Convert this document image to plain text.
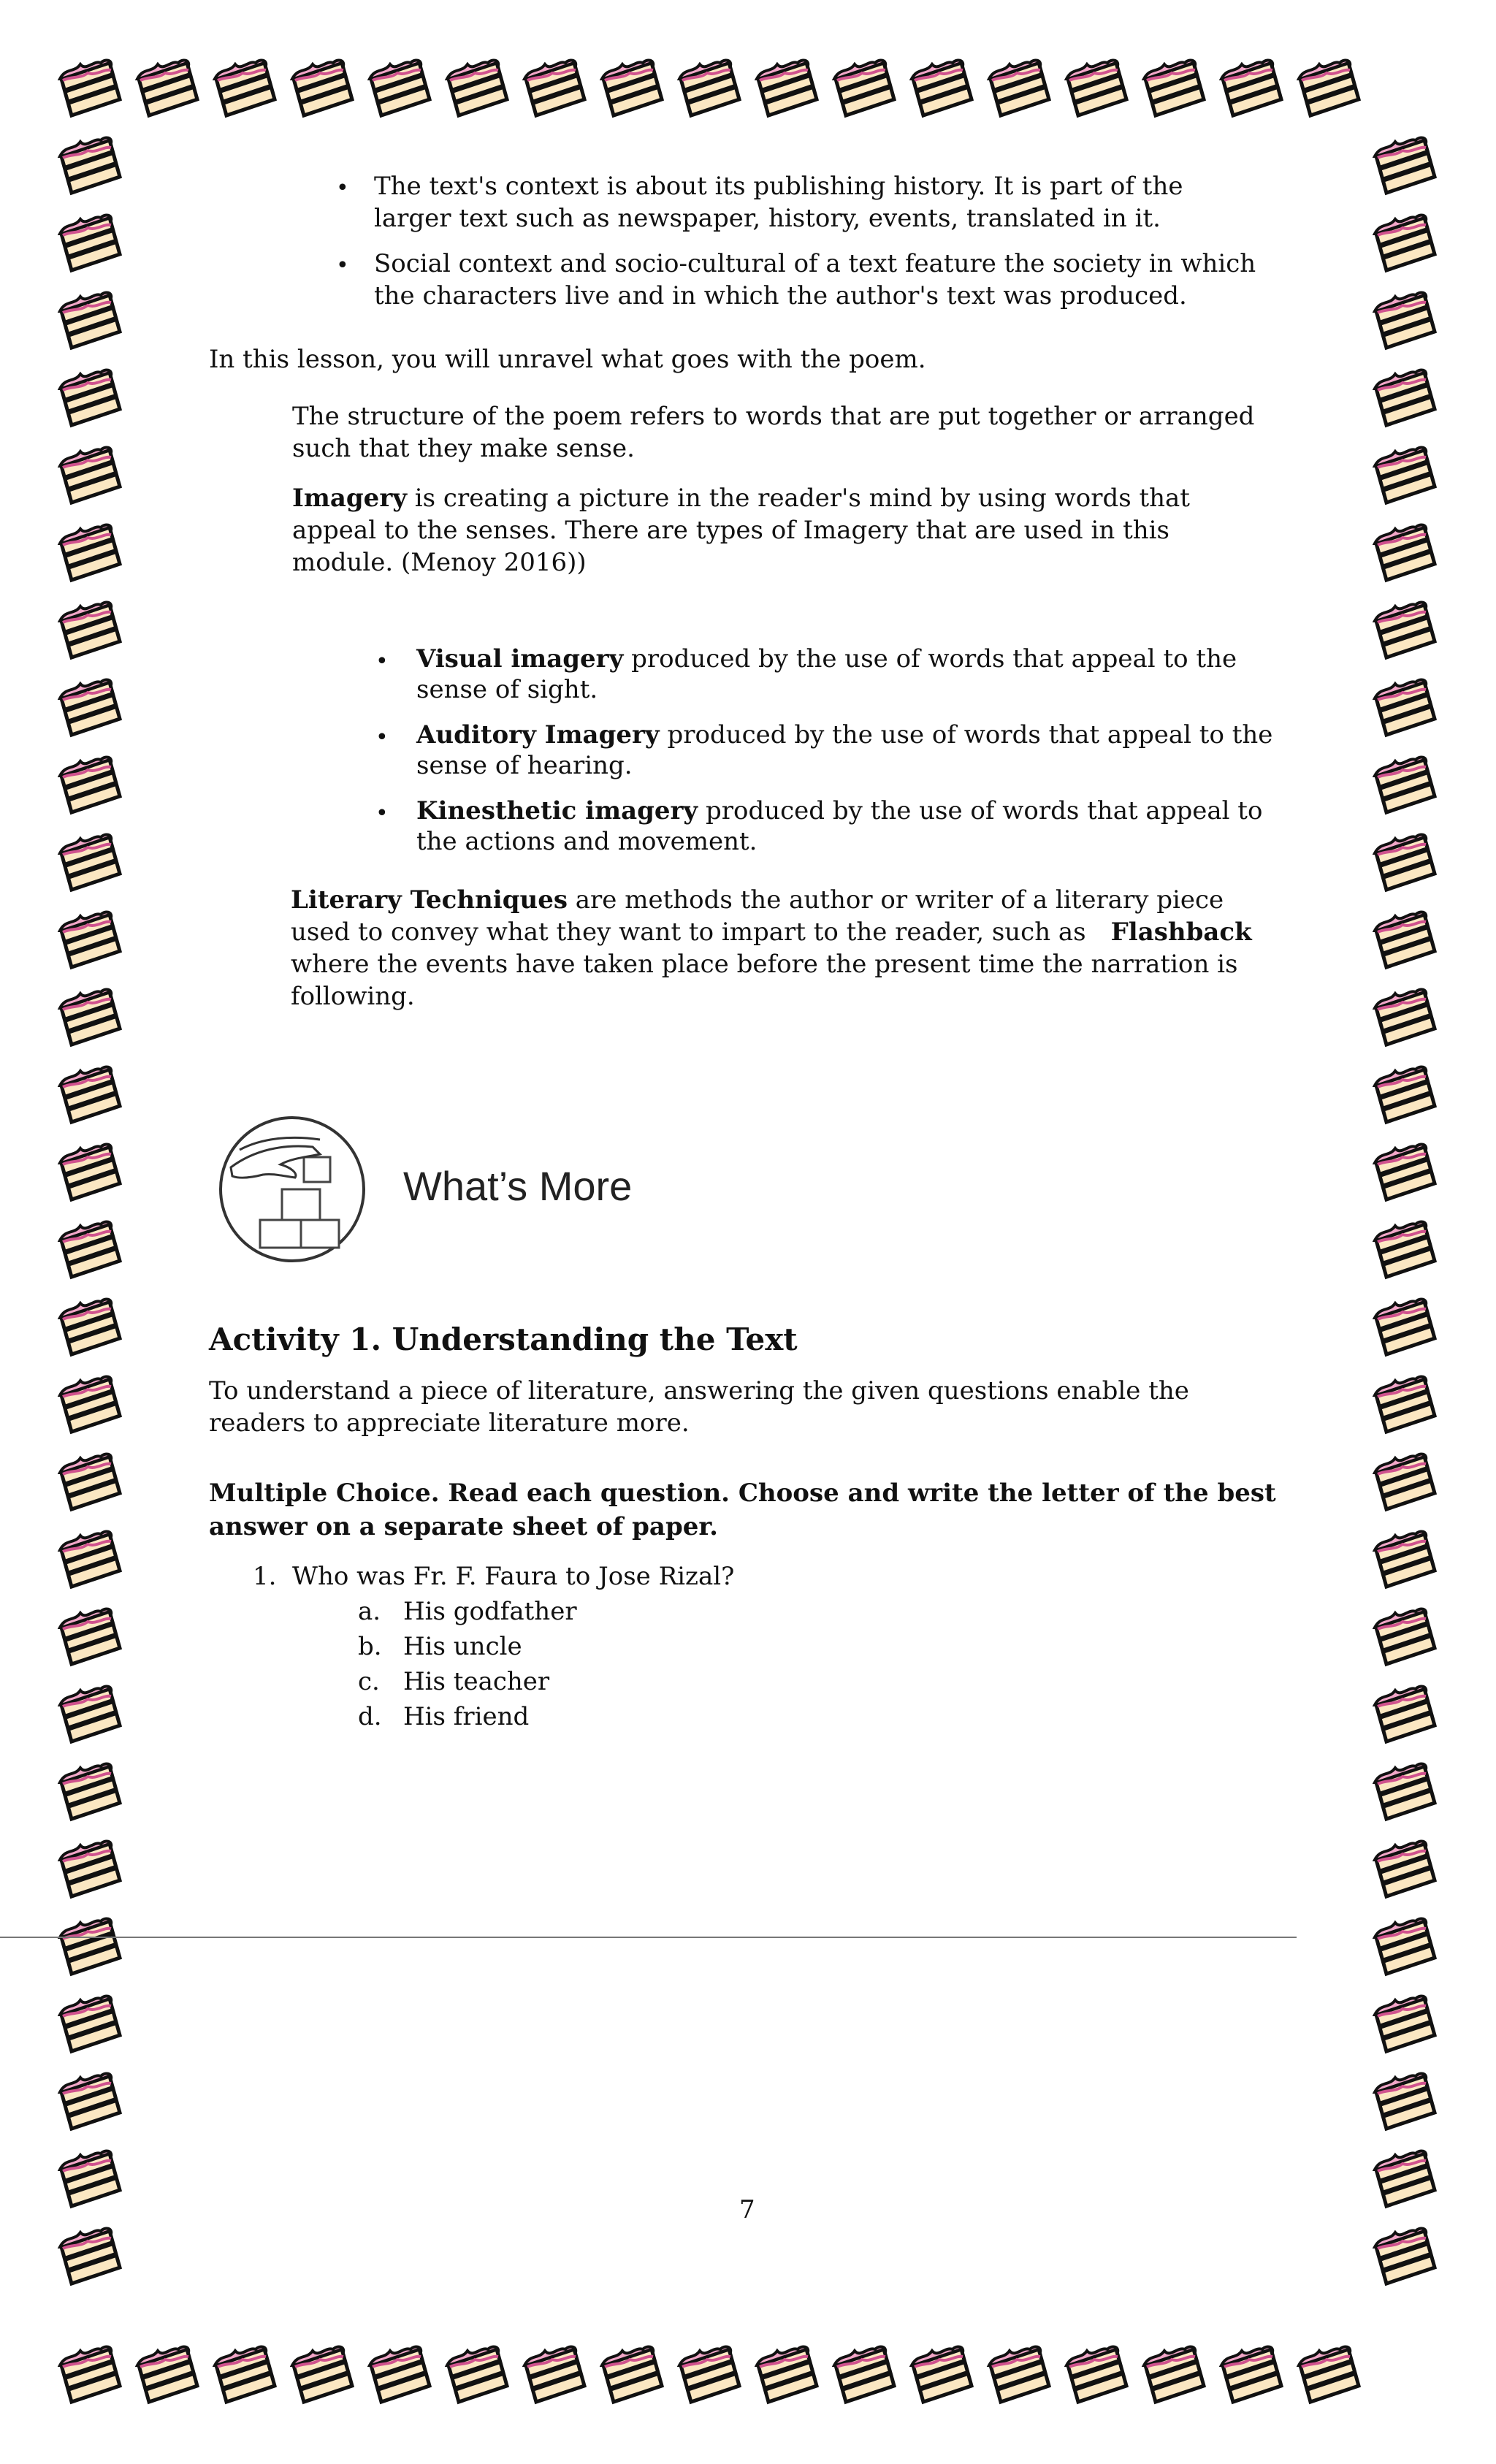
• The text's context is about its publishing history. It is part of the
larger text such as newspaper, history, events, translated in it.
• Social context and socio-cultural of a text feature the society in which
the characters live and in which the author's text was produced.
In this lesson, you will unravel what goes with the poem.
The structure of the poem refers to words that are put together or arranged
such that they make sense.
Imagery is creating a picture in the reader's mind by using words that
appeal to the senses. There are types of Imagery that are used in this
module. (Menoy 2016))
• Visual imagery produced by the use of words that appeal to the
sense of sight.
• Auditory Imagery produced by the use of words that appeal to the
sense of hearing.
• Kinesthetic imagery produced by the use of words that appeal to
the actions and movement.
Literary Techniques are methods the author or writer of a literary piece
used to convey what they want to impart to the reader, such as Flashback
where the events have taken place before the present time the narration is
following.
What’s More
Activity 1. Understanding the Text
To understand a piece of literature, answering the given questions enable the
readers to appreciate literature more.
Multiple Choice. Read each question. Choose and write the letter of the best
answer on a separate sheet of paper.
1. Who was Fr. F. Faura to Jose Rizal?
a. His godfather
b. His uncle
c. His teacher
d. His friend
7
